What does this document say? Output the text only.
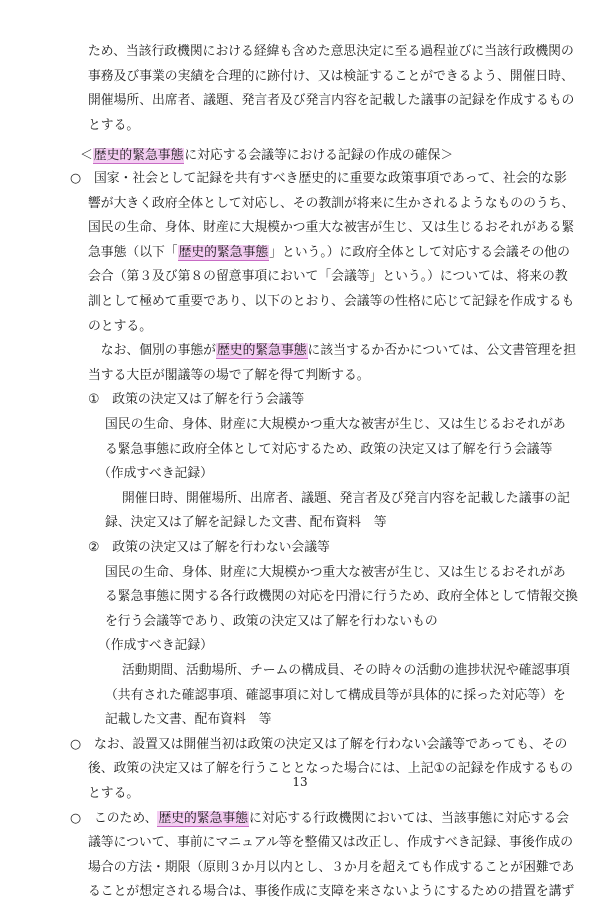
ため、当該行政機関における経緯も含めた意思決定に至る過程並びに当該行政機関の
事務及び事業の実績を合理的に跡付け、又は検証することができるよう、開催日時、
開催場所、出席者、議題、発言者及び発言内容を記載した議事の記録を作成するもの
とする。
＜歴史的緊急事態に対応する会議等における記録の作成の確保＞
○　国家・社会として記録を共有すべき歴史的に重要な政策事項であって、社会的な影
響が大きく政府全体として対応し、その教訓が将来に生かされるようなもののうち、
国民の生命、身体、財産に大規模かつ重大な被害が生じ、又は生じるおそれがある緊
急事態（以下「歴史的緊急事態」という。）に政府全体として対応する会議その他の
会合（第３及び第８の留意事項において「会議等」という。）については、将来の教
訓として極めて重要であり、以下のとおり、会議等の性格に応じて記録を作成するも
のとする。
　なお、個別の事態が歴史的緊急事態に該当するか否かについては、公文書管理を担
当する大臣が閣議等の場で了解を得て判断する。
①　政策の決定又は了解を行う会議等
国民の生命、身体、財産に大規模かつ重大な被害が生じ、又は生じるおそれがあ
る緊急事態に政府全体として対応するため、政策の決定又は了解を行う会議等
（作成すべき記録）
開催日時、開催場所、出席者、議題、発言者及び発言内容を記載した議事の記
録、決定又は了解を記録した文書、配布資料　等
②　政策の決定又は了解を行わない会議等
国民の生命、身体、財産に大規模かつ重大な被害が生じ、又は生じるおそれがあ
る緊急事態に関する各行政機関の対応を円滑に行うため、政府全体として情報交換
を行う会議等であり、政策の決定又は了解を行わないもの
（作成すべき記録）
活動期間、活動場所、チームの構成員、その時々の活動の進捗状況や確認事項
（共有された確認事項、確認事項に対して構成員等が具体的に採った対応等）を
記載した文書、配布資料　等
○　なお、設置又は開催当初は政策の決定又は了解を行わない会議等であっても、その
後、政策の決定又は了解を行うこととなった場合には、上記①の記録を作成するもの
とする。
○　このため、歴史的緊急事態に対応する行政機関においては、当該事態に対応する会
議等について、事前にマニュアル等を整備又は改正し、作成すべき記録、事後作成の
場合の方法・期限（原則３か月以内とし、３か月を超えても作成することが困難であ
ることが想定される場合は、事後作成に支障を来さないようにするための措置を講ず
13
